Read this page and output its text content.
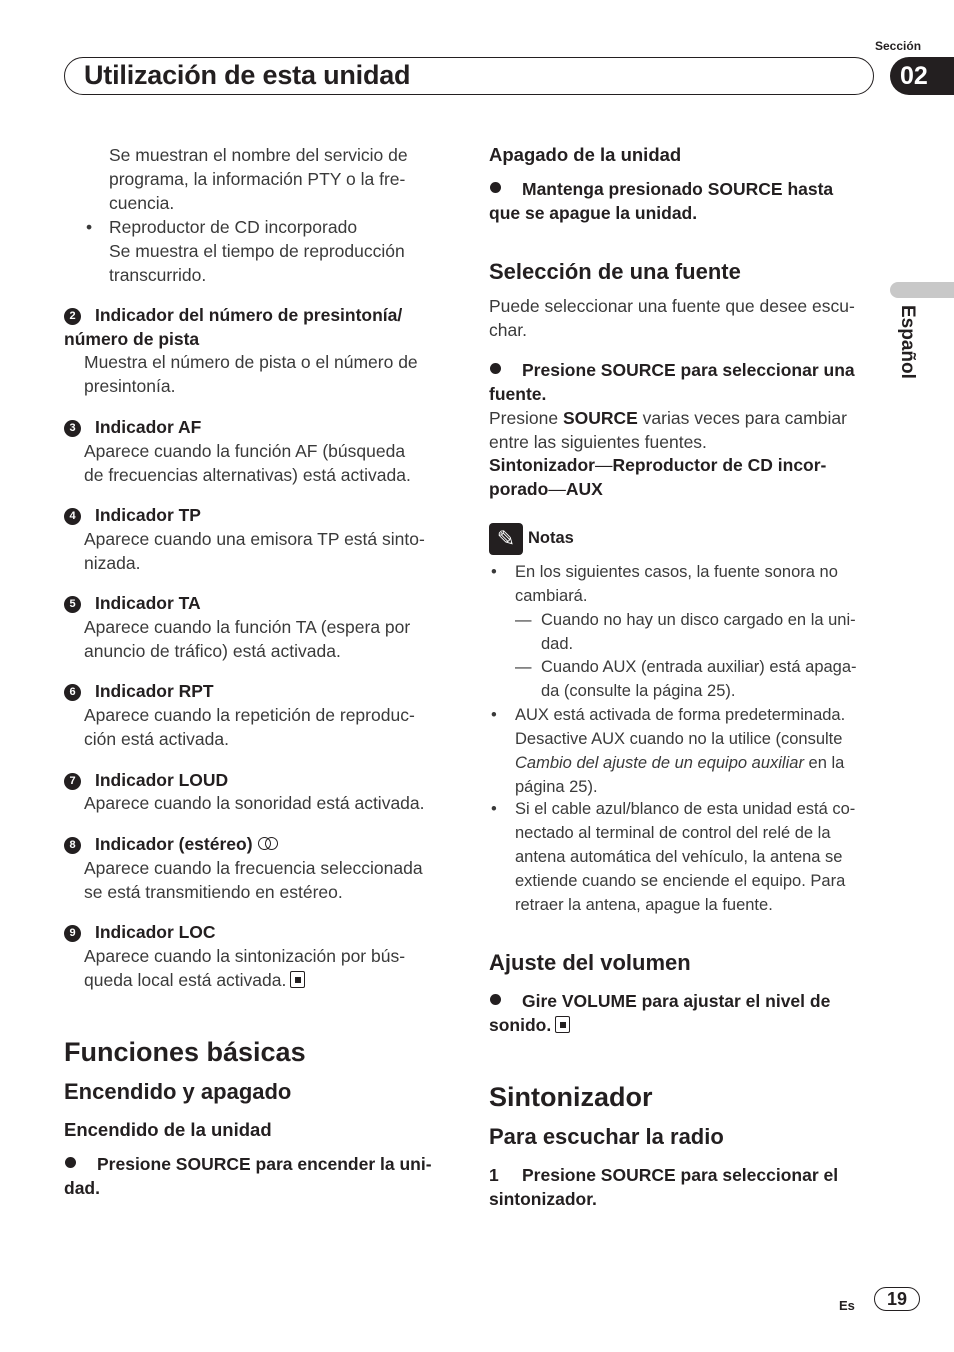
Utilización de esta unidad
Sección
02
Español
Se muestran el nombre del servicio de
programa, la información PTY o la fre-
cuencia.
• Reproductor de CD incorporado
Se muestra el tiempo de reproducción
transcurrido.
2 Indicador del número de presintonía/
número de pista
Muestra el número de pista o el número de
presintonía.
3 Indicador AF
Aparece cuando la función AF (búsqueda
de frecuencias alternativas) está activada.
4 Indicador TP
Aparece cuando una emisora TP está sinto-
nizada.
5 Indicador TA
Aparece cuando la función TA (espera por
anuncio de tráfico) está activada.
6 Indicador RPT
Aparece cuando la repetición de reproduc-
ción está activada.
7 Indicador LOUD
Aparece cuando la sonoridad está activada.
8 Indicador (estéreo)
Aparece cuando la frecuencia seleccionada
se está transmitiendo en estéreo.
9 Indicador LOC
Aparece cuando la sintonización por bús-
queda local está activada.
Funciones básicas
Encendido y apagado
Encendido de la unidad
Presione SOURCE para encender la uni-
dad.
Apagado de la unidad
Mantenga presionado SOURCE hasta
que se apague la unidad.
Selección de una fuente
Puede seleccionar una fuente que desee escu-
char.
Presione SOURCE para seleccionar una
fuente.
Presione SOURCE varias veces para cambiar
entre las siguientes fuentes.
Sintonizador—Reproductor de CD incor-
porado—AUX
✎ Notas
• En los siguientes casos, la fuente sonora no
cambiará.
— Cuando no hay un disco cargado en la uni-
dad.
— Cuando AUX (entrada auxiliar) está apaga-
da (consulte la página 25).
• AUX está activada de forma predeterminada.
Desactive AUX cuando no la utilice (consulte
Cambio del ajuste de un equipo auxiliar en la
página 25).
• Si el cable azul/blanco de esta unidad está co-
nectado al terminal de control del relé de la
antena automática del vehículo, la antena se
extiende cuando se enciende el equipo. Para
retraer la antena, apague la fuente.
Ajuste del volumen
Gire VOLUME para ajustar el nivel de
sonido.
Sintonizador
Para escuchar la radio
1 Presione SOURCE para seleccionar el
sintonizador.
Es	19
